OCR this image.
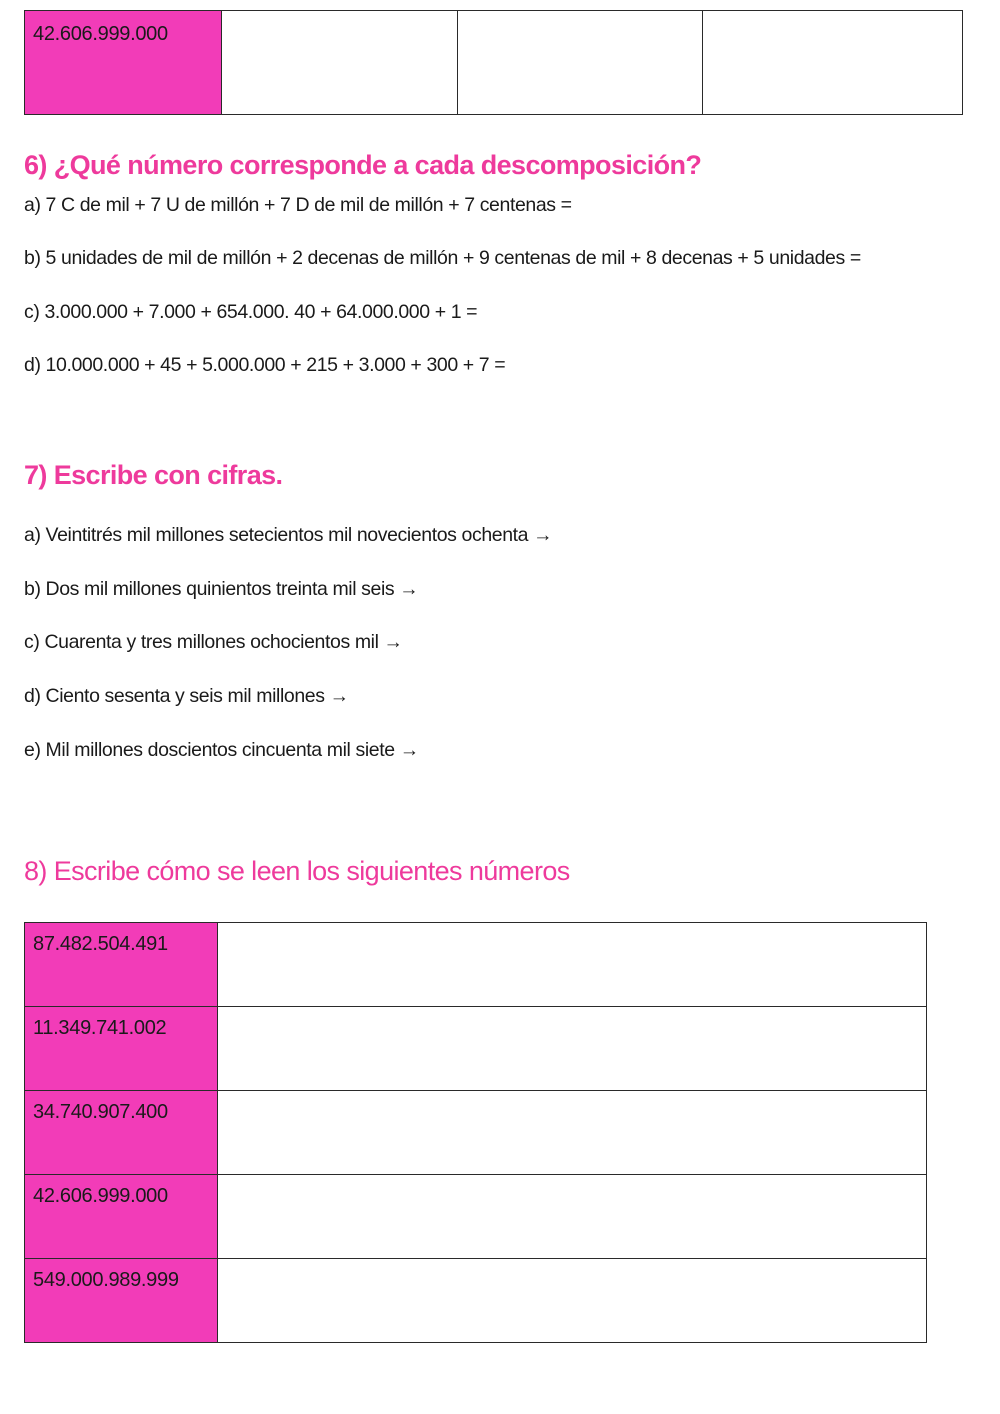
42.606.999.000			
6) ¿Qué número corresponde a cada descomposición?

a) 7 C de mil + 7 U de millón + 7 D de mil de millón + 7 centenas =

b) 5 unidades de mil de millón + 2 decenas de millón + 9 centenas de mil + 8 decenas + 5 unidades =

c) 3.000.000 + 7.000 + 654.000. 40 + 64.000.000 + 1 =

d) 10.000.000 + 45 + 5.000.000 + 215 + 3.000 + 300 + 7 =

7) Escribe con cifras.

a) Veintitrés mil millones setecientos mil novecientos ochenta →

b) Dos mil millones quinientos treinta mil seis →

c) Cuarenta y tres millones ochocientos mil →

d) Ciento sesenta y seis mil millones →

e) Mil millones doscientos cincuenta mil siete →

8) Escribe cómo se leen los siguientes números
87.482.504.491	
11.349.741.002	
34.740.907.400	
42.606.999.000	
549.000.989.999	
